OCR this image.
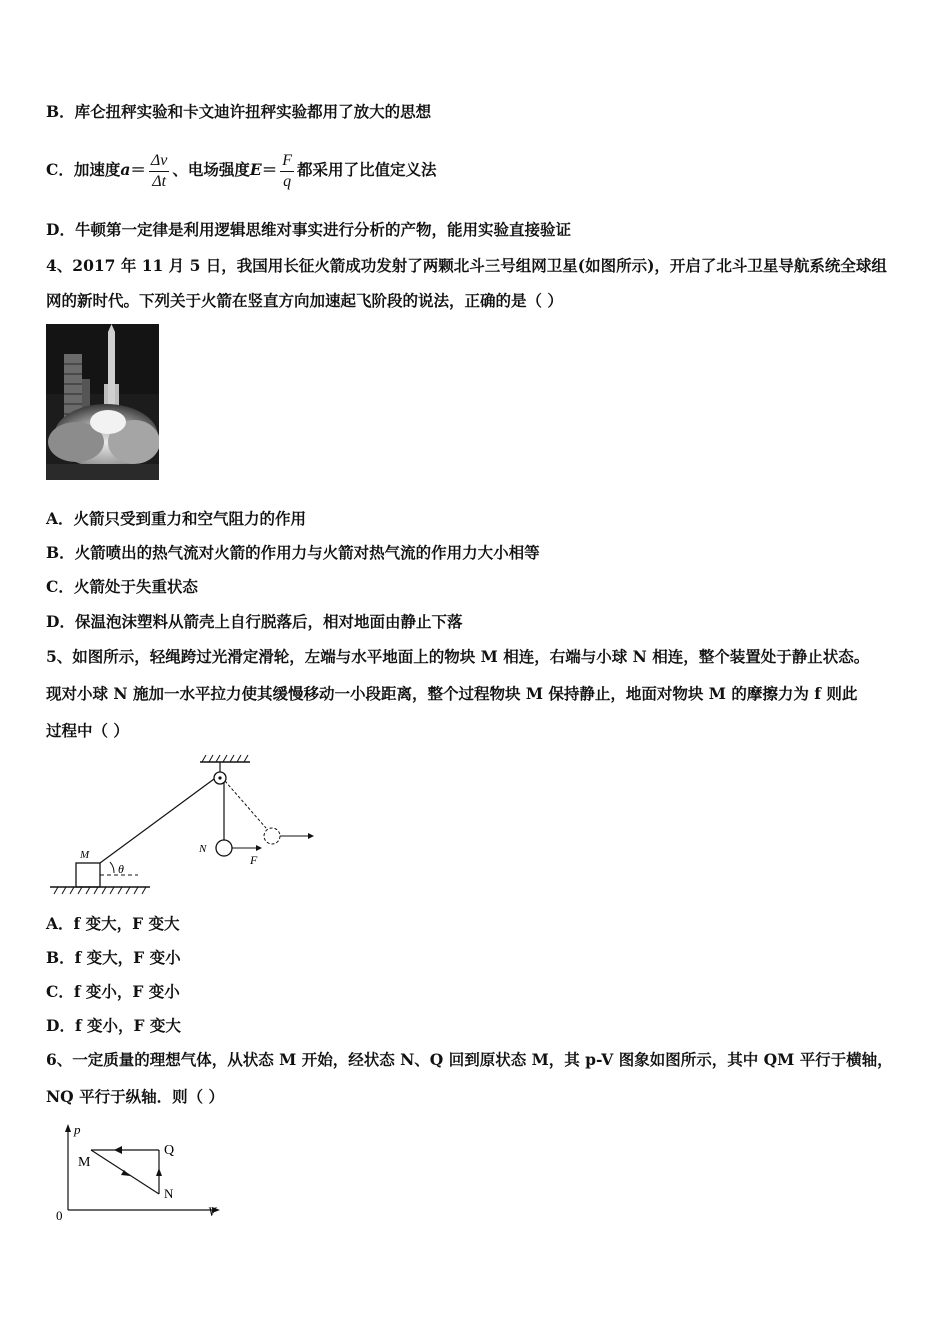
B．库仑扭秤实验和卡文迪许扭秤实验都用了放大的思想
C．加速度$a= \frac{\Delta v}{\Delta t}$ 、电场强度$E= \frac{F}{q}$ 都采用了比值定义法
D．牛顿第一定律是利用逻辑思维对事实进行分析的产物，能用实验直接验证
4、2017 年 11 月 5 日，我国用长征火箭成功发射了两颗北斗三号组网卫星(如图所示)，开启了北斗卫星导航系统全球组
网的新时代。下列关于火箭在竖直方向加速起飞阶段的说法，正确的是（ ）
A．火箭只受到重力和空气阻力的作用
B．火箭喷出的热气流对火箭的作用力与火箭对热气流的作用力大小相等
C．火箭处于失重状态
D．保温泡沫塑料从箭壳上自行脱落后，相对地面由静止下落
5、如图所示，轻绳跨过光滑定滑轮，左端与水平地面上的物块 M 相连，右端与小球 N 相连，整个装置处于静止状态。
现对小球 N 施加一水平拉力使其缓慢移动一小段距离，整个过程物块 M 保持静止，地面对物块 M 的摩擦力为 f 则此
过程中（ ）
M
θ
N
F
A．f 变大，F 变大
B．f 变大，F 变小
C．f 变小，F 变小
D．f 变小，F 变大
6、一定质量的理想气体，从状态 M 开始，经状态 N、Q 回到原状态 M，其 p-V 图象如图所示，其中 QM 平行于横轴，
NQ 平行于纵轴．则（ ）
p
V
0
M
Q
N
